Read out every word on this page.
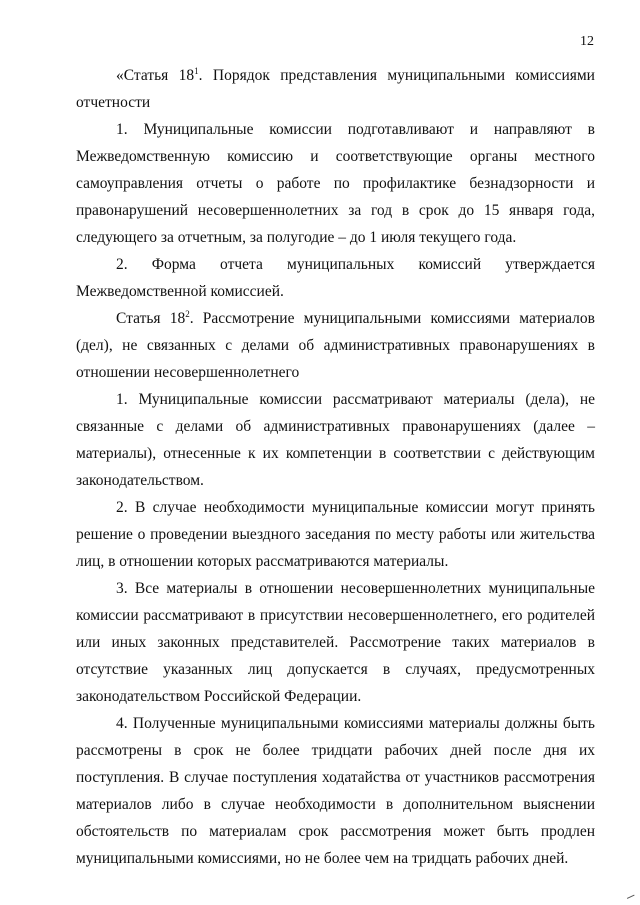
12

«Статья $18^1$. Порядок представления муниципальными комиссиями отчетности

1. Муниципальные комиссии подготавливают и направляют в Межведомственную комиссию и соответствующие органы местного самоуправления отчеты о работе по профилактике безнадзорности и правонарушений несовершеннолетних за год в срок до 15 января года, следующего за отчетным, за полугодие – до 1 июля текущего года.

2. Форма отчета муниципальных комиссий утверждается Межведомственной комиссией.

Статья $18^2$. Рассмотрение муниципальными комиссиями материалов (дел), не связанных с делами об административных правонарушениях в отношении несовершеннолетнего

1. Муниципальные комиссии рассматривают материалы (дела), не связанные с делами об административных правонарушениях (далее – материалы), отнесенные к их компетенции в соответствии с действующим законодательством.

2. В случае необходимости муниципальные комиссии могут принять решение о проведении выездного заседания по месту работы или жительства лиц, в отношении которых рассматриваются материалы.

3. Все материалы в отношении несовершеннолетних муниципальные комиссии рассматривают в присутствии несовершеннолетнего, его родителей или иных законных представителей. Рассмотрение таких материалов в отсутствие указанных лиц допускается в случаях, предусмотренных законодательством Российской Федерации.

4. Полученные муниципальными комиссиями материалы должны быть рассмотрены в срок не более тридцати рабочих дней после дня их поступления. В случае поступления ходатайства от участников рассмотрения материалов либо в случае необходимости в дополнительном выяснении обстоятельств по материалам срок рассмотрения может быть продлен муниципальными комиссиями, но не более чем на тридцать рабочих дней.
